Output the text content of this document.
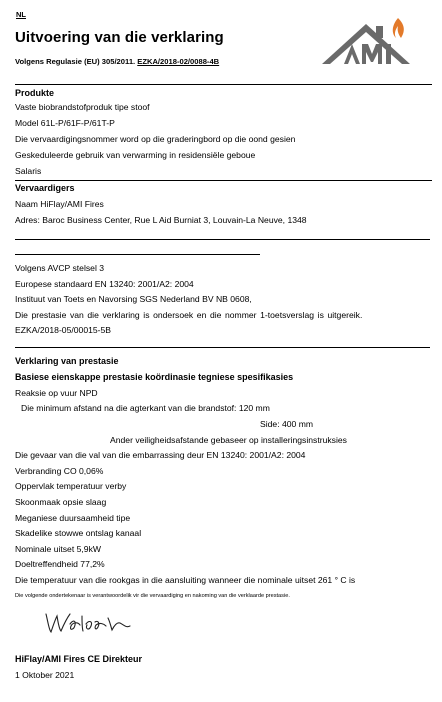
NL
Uitvoering van die verklaring
Volgens Regulasie (EU) 305/2011. EZKA/2018-02/0088-4B
Produkte
Vaste biobrandstofproduk tipe stoof
Model 61L-P/61F-P/61T-P
Die vervaardigingsnommer word op die graderingbord op die oond gesien
Geskeduleerde gebruik van verwarming in residensiële geboue
Salaris
Vervaardigers
Naam HiFlay/AMI Fires
Adres: Baroc Business Center, Rue L Aid Burniat 3, Louvain-La Neuve, 1348
Volgens AVCP stelsel 3
Europese standaard EN 13240: 2001/A2: 2004
Instituut van Toets en Navorsing SGS Nederland BV NB 0608,
Die prestasie van die verklaring is ondersoek en die nommer 1-toetsverslag is uitgereik.
EZKA/2018-05/00015-5B
Verklaring van prestasie
Basiese eienskappe prestasie koördinasie tegniese spesifikasies
Reaksie op vuur NPD
Die minimum afstand na die agterkant van die brandstof: 120 mm
Side: 400 mm
Ander veiligheidsafstande gebaseer op installeringsinstruksies
Die gevaar van die val van die embarrassing deur EN 13240: 2001/A2: 2004
Verbranding CO 0,06%
Oppervlak temperatuur verby
Skoonmaak opsie slaag
Meganiese duursaamheid tipe
Skadelike stowwe ontslag kanaal
Nominale uitset 5,9kW
Doeltreffendheid 77,2%
Die temperatuur van die rookgas in die aansluiting wanneer die nominale uitset 261 ° C is
Die volgende ondertekenaar is verantwoordelik vir die vervaardiging en nakoming van die verklaarde prestasie.
HiFlay/AMI Fires CE Direkteur
1 Oktober 2021
